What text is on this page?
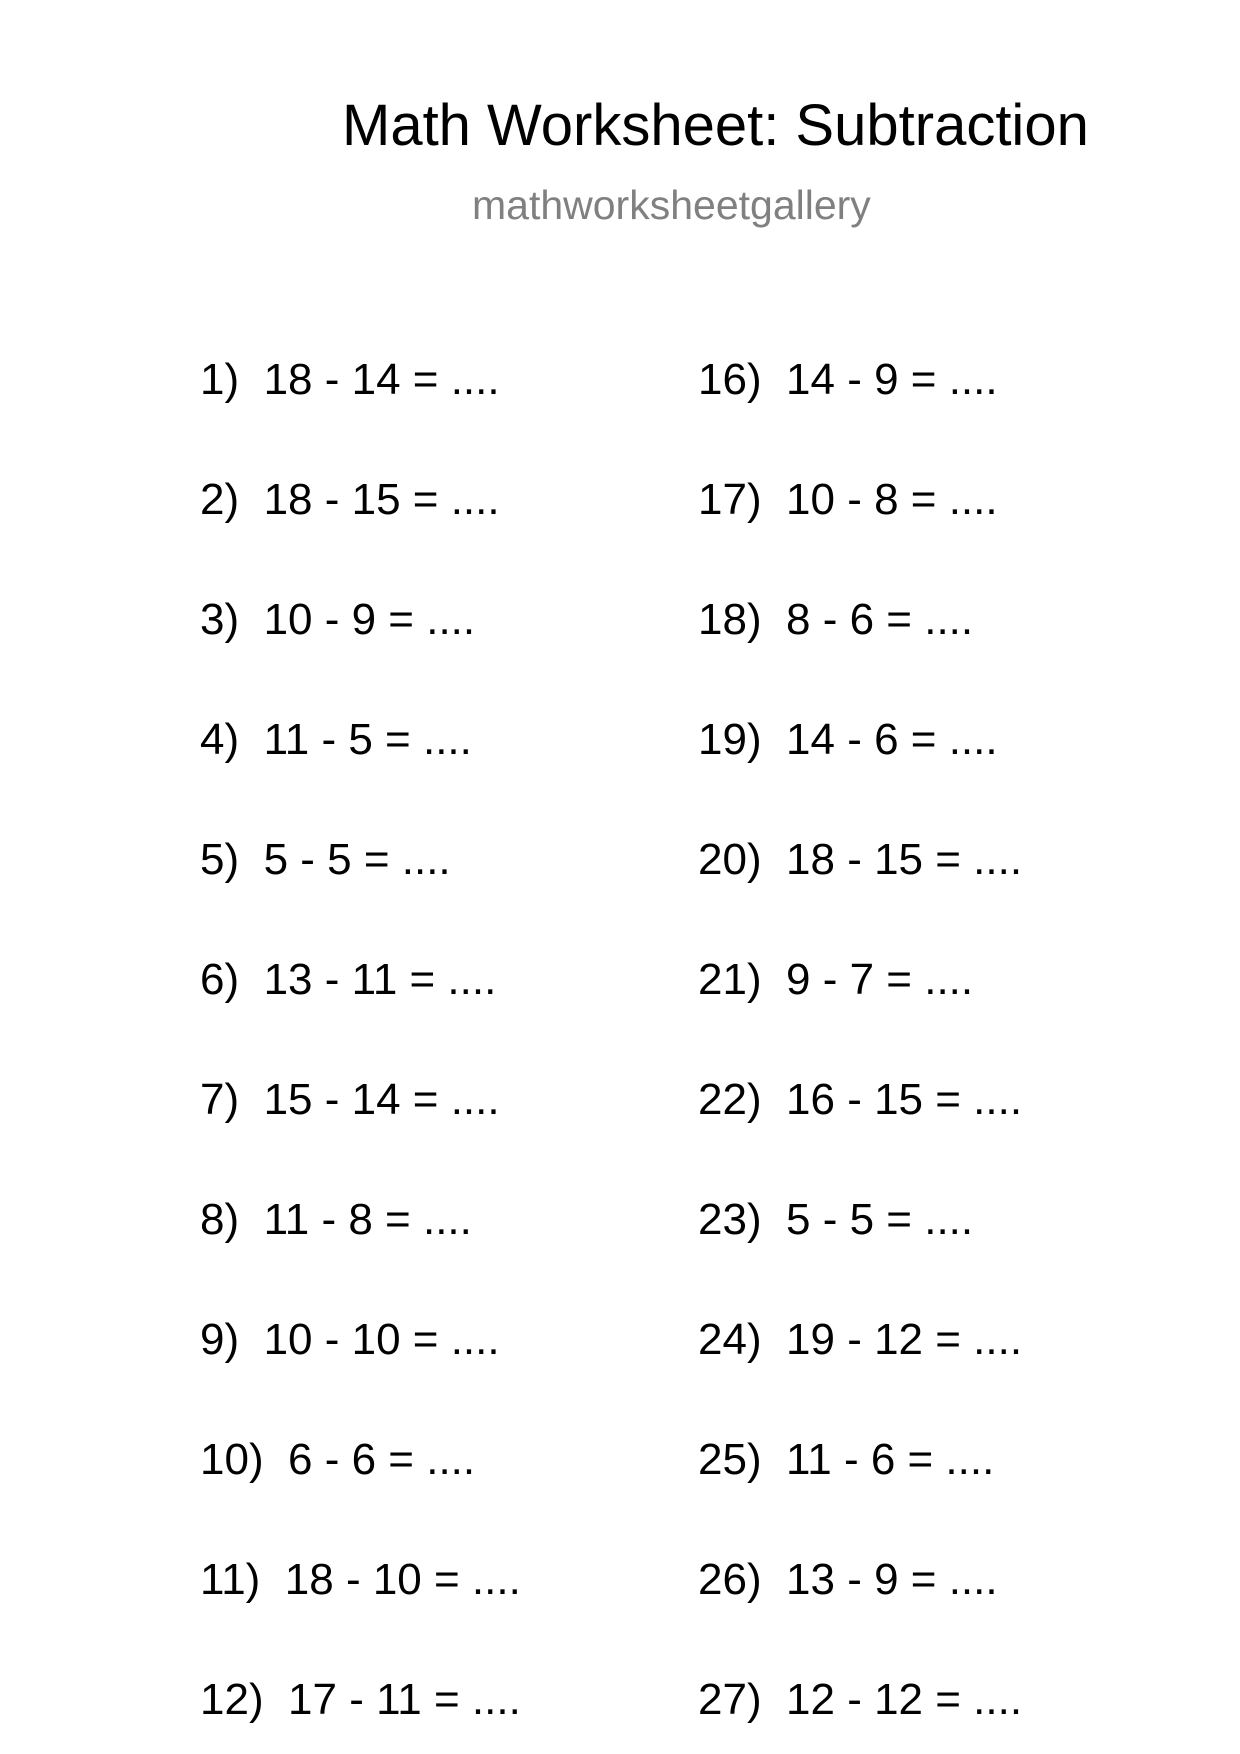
Math Worksheet: Subtraction
mathworksheetgallery
1)  18 - 14 = ....
2)  18 - 15 = ....
3)  10 - 9 = ....
4)  11 - 5 = ....
5)  5 - 5 = ....
6)  13 - 11 = ....
7)  15 - 14 = ....
8)  11 - 8 = ....
9)  10 - 10 = ....
10)  6 - 6 = ....
11)  18 - 10 = ....
12)  17 - 11 = ....
16)  14 - 9 = ....
17)  10 - 8 = ....
18)  8 - 6 = ....
19)  14 - 6 = ....
20)  18 - 15 = ....
21)  9 - 7 = ....
22)  16 - 15 = ....
23)  5 - 5 = ....
24)  19 - 12 = ....
25)  11 - 6 = ....
26)  13 - 9 = ....
27)  12 - 12 = ....
